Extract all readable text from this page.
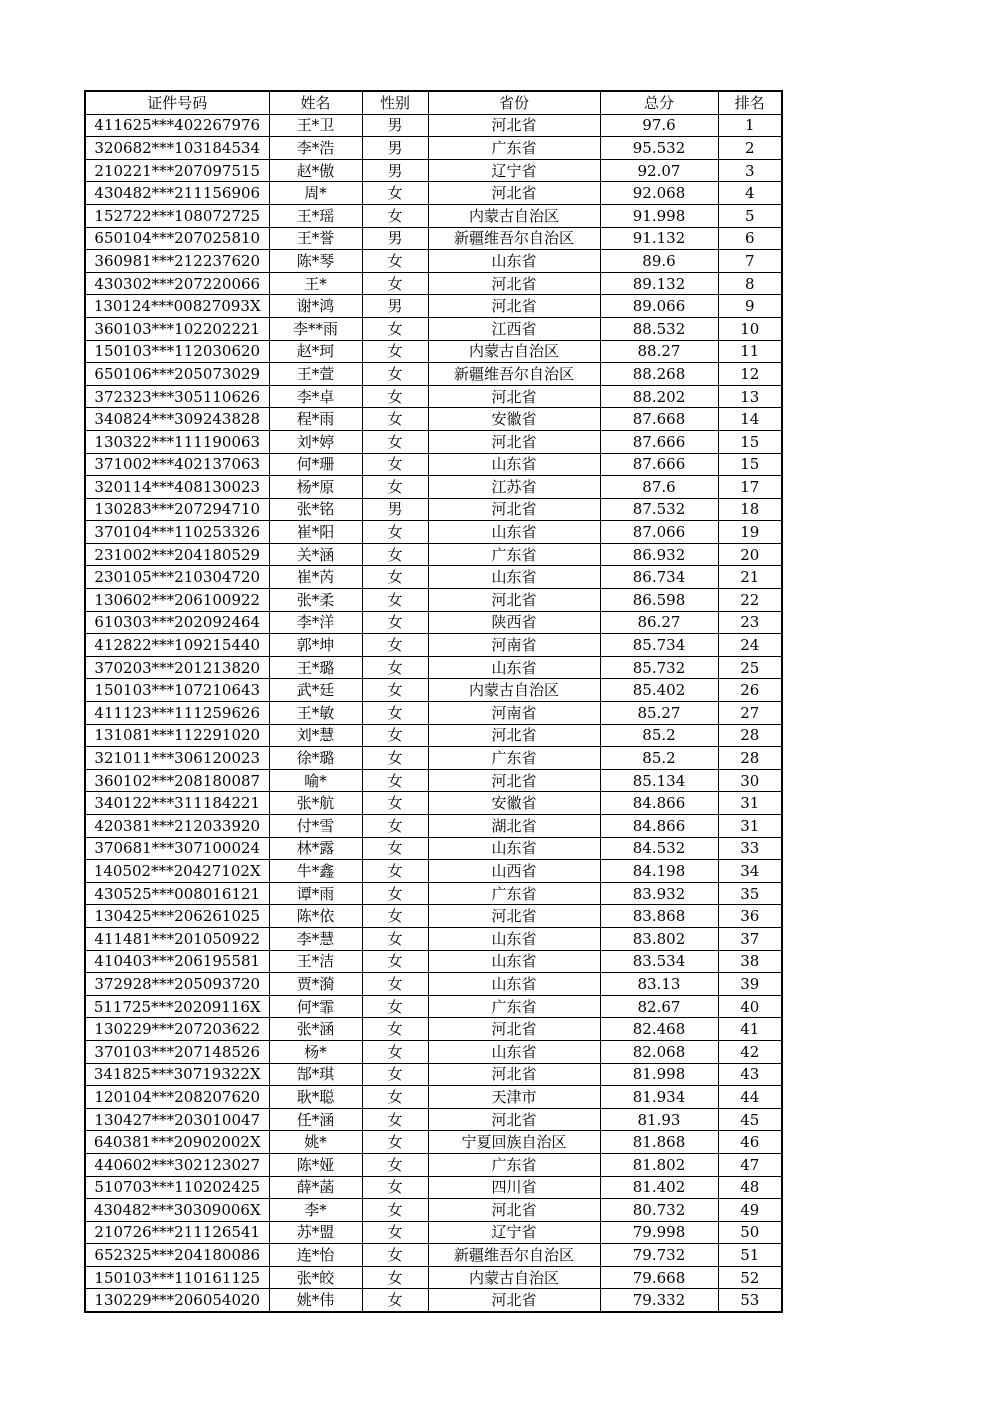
证件号码	姓名	性别	省份	总分	排名
411625***402267976	王*卫	男	河北省	97.6	1
320682***103184534	李*浩	男	广东省	95.532	2
210221***207097515	赵*傲	男	辽宁省	92.07	3
430482***211156906	周*	女	河北省	92.068	4
152722***108072725	王*瑶	女	内蒙古自治区	91.998	5
650104***207025810	王*誉	男	新疆维吾尔自治区	91.132	6
360981***212237620	陈*琴	女	山东省	89.6	7
430302***207220066	王*	女	河北省	89.132	8
130124***00827093X	谢*鸿	男	河北省	89.066	9
360103***102202221	李**雨	女	江西省	88.532	10
150103***112030620	赵*珂	女	内蒙古自治区	88.27	11
650106***205073029	王*萱	女	新疆维吾尔自治区	88.268	12
372323***305110626	李*卓	女	河北省	88.202	13
340824***309243828	程*雨	女	安徽省	87.668	14
130322***111190063	刘*婷	女	河北省	87.666	15
371002***402137063	何*珊	女	山东省	87.666	15
320114***408130023	杨*原	女	江苏省	87.6	17
130283***207294710	张*铭	男	河北省	87.532	18
370104***110253326	崔*阳	女	山东省	87.066	19
231002***204180529	关*涵	女	广东省	86.932	20
230105***210304720	崔*芮	女	山东省	86.734	21
130602***206100922	张*柔	女	河北省	86.598	22
610303***202092464	李*洋	女	陕西省	86.27	23
412822***109215440	郭*坤	女	河南省	85.734	24
370203***201213820	王*璐	女	山东省	85.732	25
150103***107210643	武*廷	女	内蒙古自治区	85.402	26
411123***111259626	王*敏	女	河南省	85.27	27
131081***112291020	刘*慧	女	河北省	85.2	28
321011***306120023	徐*璐	女	广东省	85.2	28
360102***208180087	喻*	女	河北省	85.134	30
340122***311184221	张*航	女	安徽省	84.866	31
420381***212033920	付*雪	女	湖北省	84.866	31
370681***307100024	林*露	女	山东省	84.532	33
140502***20427102X	牛*鑫	女	山西省	84.198	34
430525***008016121	谭*雨	女	广东省	83.932	35
130425***206261025	陈*依	女	河北省	83.868	36
411481***201050922	李*慧	女	山东省	83.802	37
410403***206195581	王*洁	女	山东省	83.534	38
372928***205093720	贾*漪	女	山东省	83.13	39
511725***20209116X	何*霏	女	广东省	82.67	40
130229***207203622	张*涵	女	河北省	82.468	41
370103***207148526	杨*	女	山东省	82.068	42
341825***30719322X	郜*琪	女	河北省	81.998	43
120104***208207620	耿*聪	女	天津市	81.934	44
130427***203010047	任*涵	女	河北省	81.93	45
640381***20902002X	姚*	女	宁夏回族自治区	81.868	46
440602***302123027	陈*娅	女	广东省	81.802	47
510703***110202425	薛*菡	女	四川省	81.402	48
430482***30309006X	李*	女	河北省	80.732	49
210726***211126541	苏*盟	女	辽宁省	79.998	50
652325***204180086	连*怡	女	新疆维吾尔自治区	79.732	51
150103***110161125	张*皎	女	内蒙古自治区	79.668	52
130229***206054020	姚*伟	女	河北省	79.332	53
